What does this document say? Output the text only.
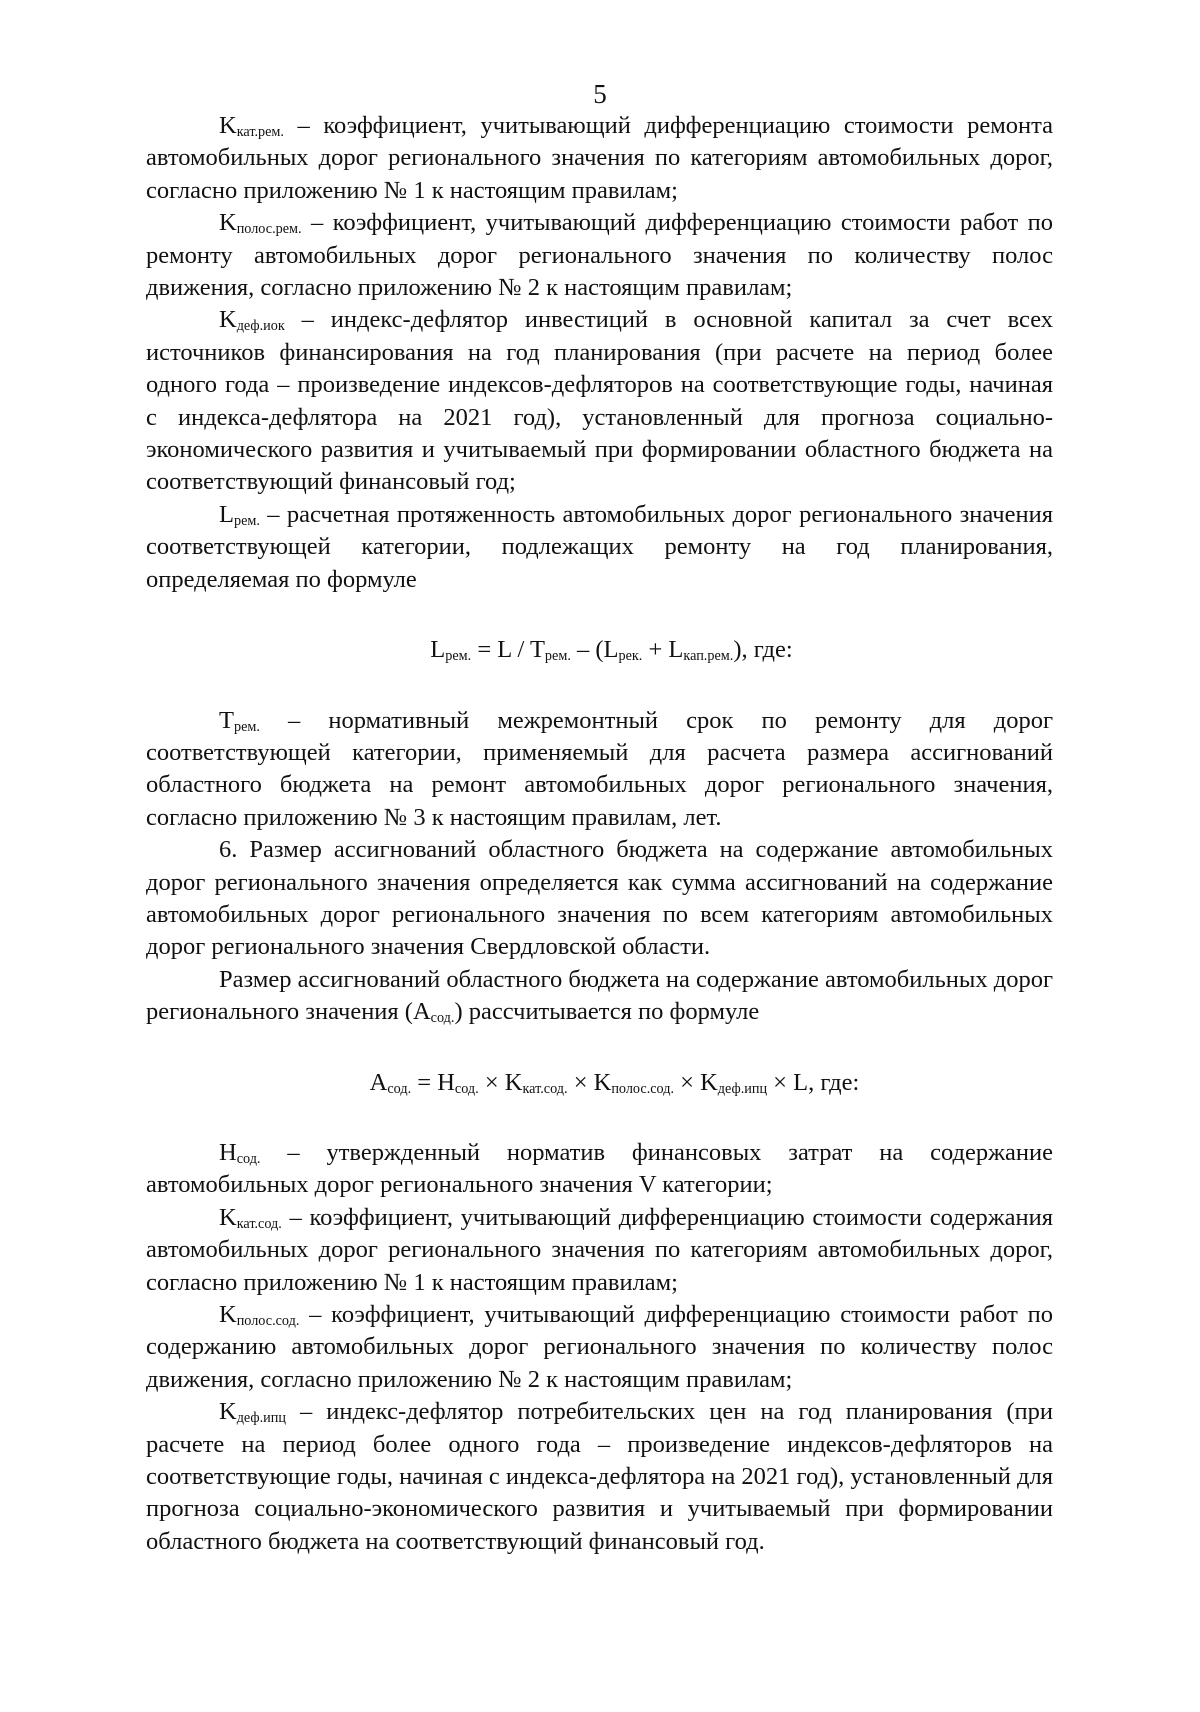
5

$K_{кат.рем.}$ – коэффициент, учитывающий дифференциацию стоимости ремонта автомобильных дорог регионального значения по категориям автомобильных дорог, согласно приложению № 1 к настоящим правилам;

$K_{полос.рем.}$ – коэффициент, учитывающий дифференциацию стоимости работ по ремонту автомобильных дорог регионального значения по количеству полос движения, согласно приложению № 2 к настоящим правилам;

$K_{деф.иок}$ – индекс-дефлятор инвестиций в основной капитал за счет всех источников финансирования на год планирования (при расчете на период более одного года – произведение индексов-дефляторов на соответствующие годы, начиная с индекса-дефлятора на 2021 год), установленный для прогноза социально-экономического развития и учитываемый при формировании областного бюджета на соответствующий финансовый год;

$L_{рем.}$ – расчетная протяженность автомобильных дорог регионального значения соответствующей категории, подлежащих ремонту на год планирования, определяемая по формуле

$L_{рем.} = L / T_{рем.} - (L_{рек.} + L_{кап.рем.})$, где:

$T_{рем.}$ – нормативный межремонтный срок по ремонту для дорог соответствующей категории, применяемый для расчета размера ассигнований областного бюджета на ремонт автомобильных дорог регионального значения, согласно приложению № 3 к настоящим правилам, лет.

6. Размер ассигнований областного бюджета на содержание автомобильных дорог регионального значения определяется как сумма ассигнований на содержание автомобильных дорог регионального значения по всем категориям автомобильных дорог регионального значения Свердловской области.

Размер ассигнований областного бюджета на содержание автомобильных дорог регионального значения $(A_{сод.})$ рассчитывается по формуле

$A_{сод.} = H_{сод.} \times K_{кат.сод.} \times K_{полос.сод.} \times K_{деф.ипц} \times L$, где:

$H_{сод.}$ – утвержденный норматив финансовых затрат на содержание автомобильных дорог регионального значения V категории;

$K_{кат.сод.}$ – коэффициент, учитывающий дифференциацию стоимости содержания автомобильных дорог регионального значения по категориям автомобильных дорог, согласно приложению № 1 к настоящим правилам;

$K_{полос.сод.}$ – коэффициент, учитывающий дифференциацию стоимости работ по содержанию автомобильных дорог регионального значения по количеству полос движения, согласно приложению № 2 к настоящим правилам;

$K_{деф.ипц}$ – индекс-дефлятор потребительских цен на год планирования (при расчете на период более одного года – произведение индексов-дефляторов на соответствующие годы, начиная с индекса-дефлятора на 2021 год), установленный для прогноза социально-экономического развития и учитываемый при формировании областного бюджета на соответствующий финансовый год.
